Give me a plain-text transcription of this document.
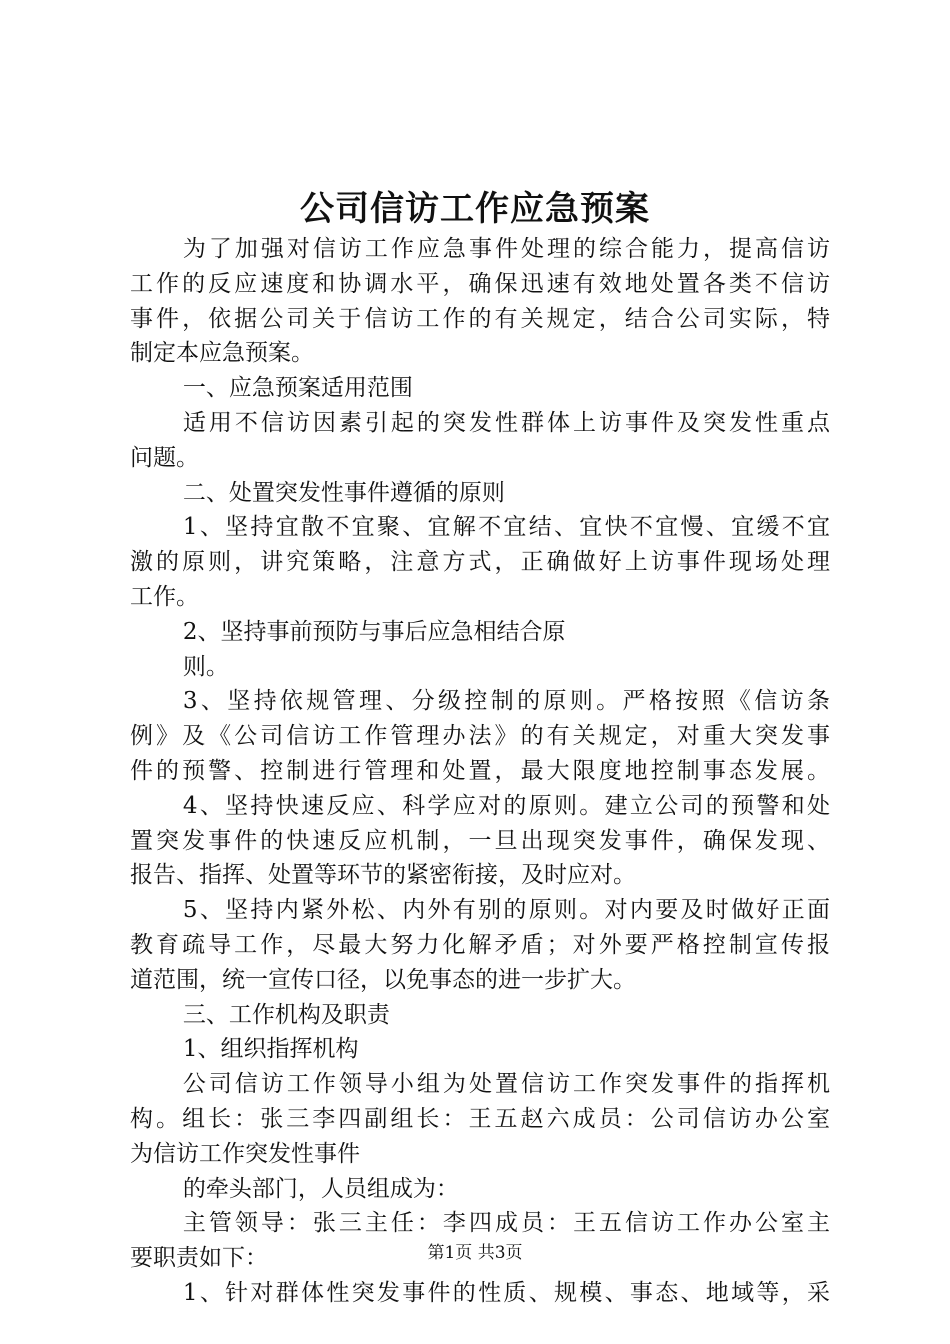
公司信访工作应急预案
为了加强对信访工作应急事件处理的综合能力，提高信访
工作的反应速度和协调水平，确保迅速有效地处置各类不信访
事件，依据公司关于信访工作的有关规定，结合公司实际，特
制定本应急预案。
一、应急预案适用范围
适用不信访因素引起的突发性群体上访事件及突发性重点
问题。
二、处置突发性事件遵循的原则
1、坚持宜散不宜聚、宜解不宜结、宜快不宜慢、宜缓不宜
激的原则，讲究策略，注意方式，正确做好上访事件现场处理
工作。
2、坚持事前预防与事后应急相结合原
则。
3、坚持依规管理、分级控制的原则。严格按照《信访条
例》及《公司信访工作管理办法》的有关规定，对重大突发事
件的预警、控制进行管理和处置，最大限度地控制事态发展。
4、坚持快速反应、科学应对的原则。建立公司的预警和处
置突发事件的快速反应机制，一旦出现突发事件，确保发现、
报告、指挥、处置等环节的紧密衔接，及时应对。
5、坚持内紧外松、内外有别的原则。对内要及时做好正面
教育疏导工作，尽最大努力化解矛盾；对外要严格控制宣传报
道范围，统一宣传口径，以免事态的进一步扩大。
三、工作机构及职责
1、组织指挥机构
公司信访工作领导小组为处置信访工作突发事件的指挥机
构。组长：张三李四副组长：王五赵六成员：公司信访办公室
为信访工作突发性事件
的牵头部门，人员组成为：
主管领导：张三主任：李四成员：王五信访工作办公室主
要职责如下：
1、针对群体性突发事件的性质、规模、事态、地域等，采
第1页 共3页
